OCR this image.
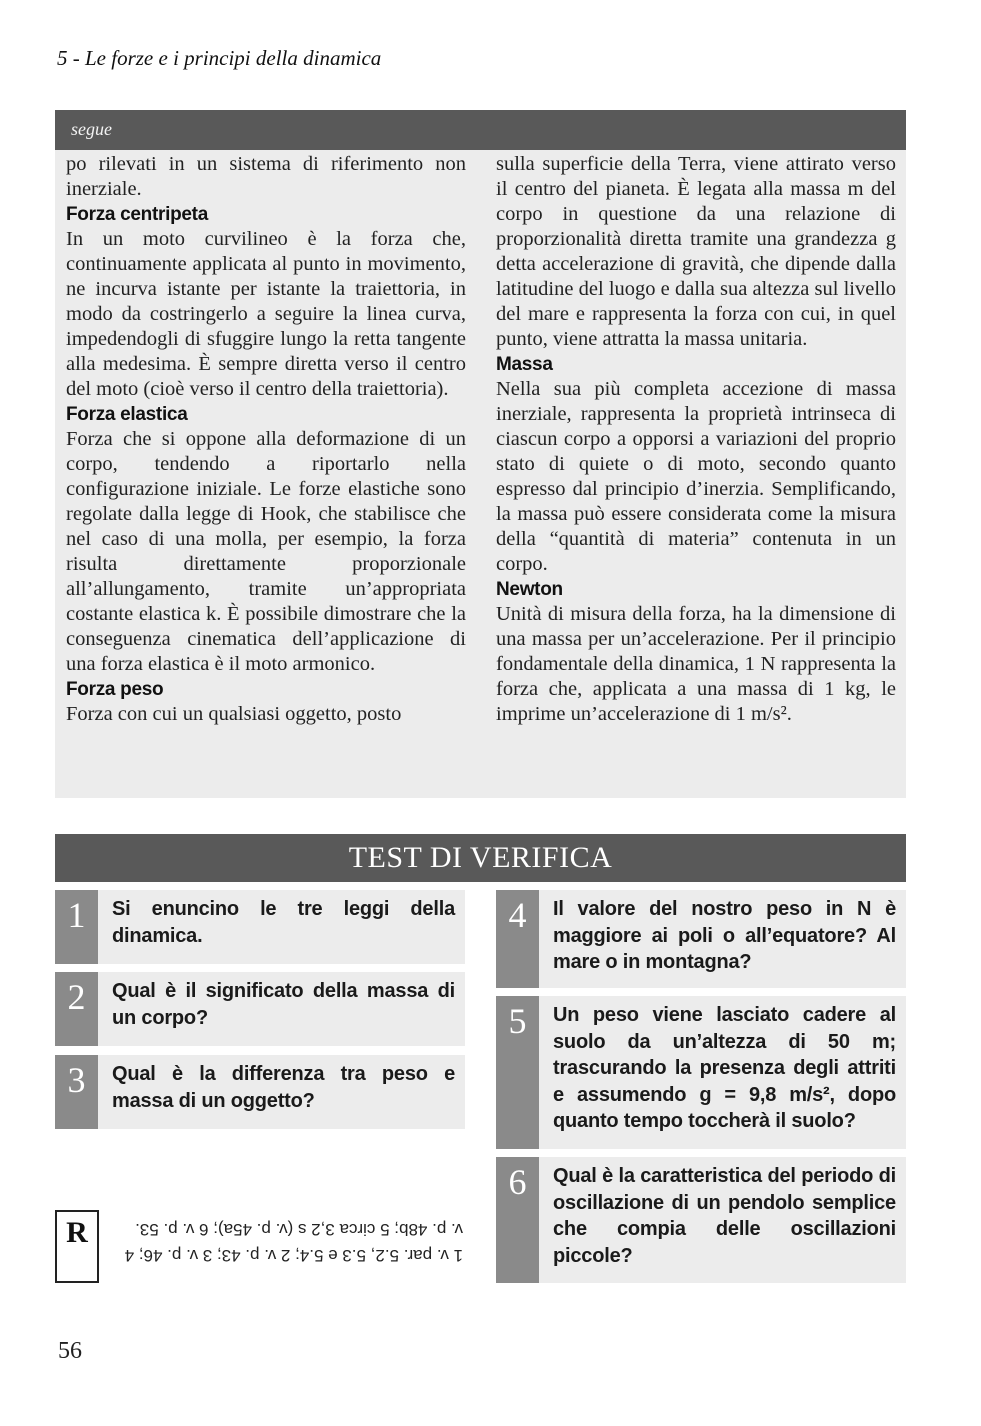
5 - Le forze e i principi della dinamica
segue

po rilevati in un sistema di riferimento non inerziale.

Forza centripeta

In un moto curvilineo è la forza che, continuamente applicata al punto in movimento, ne incurva istante per istante la traiettoria, in modo da costringerlo a seguire la linea curva, impedendogli di sfuggire lungo la retta tangente alla medesima. È sempre diretta verso il centro del moto (cioè verso il centro della traiettoria).

Forza elastica

Forza che si oppone alla deformazione di un corpo, tendendo a riportarlo nella configurazione iniziale. Le forze elastiche sono regolate dalla legge di Hook, che stabilisce che nel caso di una molla, per esempio, la forza risulta direttamente proporzionale all’allungamento, tramite un’appropriata costante elastica k. È possibile dimostrare che la conseguenza cinematica dell’applicazione di una forza elastica è il moto armonico.

Forza peso

Forza con cui un qualsiasi oggetto, posto

sulla superficie della Terra, viene attirato verso il centro del pianeta. È legata alla massa m del corpo in questione da una relazione di proporzionalità diretta tramite una grandezza g detta accelerazione di gravità, che dipende dalla latitudine del luogo e dalla sua altezza sul livello del mare e rappresenta la forza con cui, in quel punto, viene attratta la massa unitaria.

Massa

Nella sua più completa accezione di massa inerziale, rappresenta la proprietà intrinseca di ciascun corpo a opporsi a variazioni del proprio stato di quiete o di moto, secondo quanto espresso dal principio d’inerzia. Semplificando, la massa può essere considerata come la misura della “quantità di materia” contenuta in un corpo.

Newton

Unità di misura della forza, ha la dimensione di una massa per un’accelerazione. Per il principio fondamentale della dinamica, 1 N rappresenta la forza che, applicata a una massa di 1 kg, le imprime un’accelerazione di 1 m/s².

TEST DI VERIFICA
1	Si enuncino le tre leggi della dinamica.
2	Qual è il significato della massa di un corpo?
3	Qual è la differenza tra peso e massa di un oggetto?
4	Il valore del nostro peso in N è maggiore ai poli o all’equatore? Al mare o in montagna?
5	Un peso viene lasciato cadere al suolo da un’altezza di 50 m; trascurando la presenza degli attriti e assumendo g = 9,8 m/s², dopo quanto tempo toccherà il suolo?
6	Qual è la caratteristica del periodo di oscillazione di un pendolo semplice che compia delle oscillazioni piccole?
R
1 v. par. 5.2, 5.3 e 5.4; 2 v. p. 43; 3 v. p. 46; 4 v. p. 48b; 5 circa 3,2 s (v. p. 45a); 6 v. p. 53.
56
